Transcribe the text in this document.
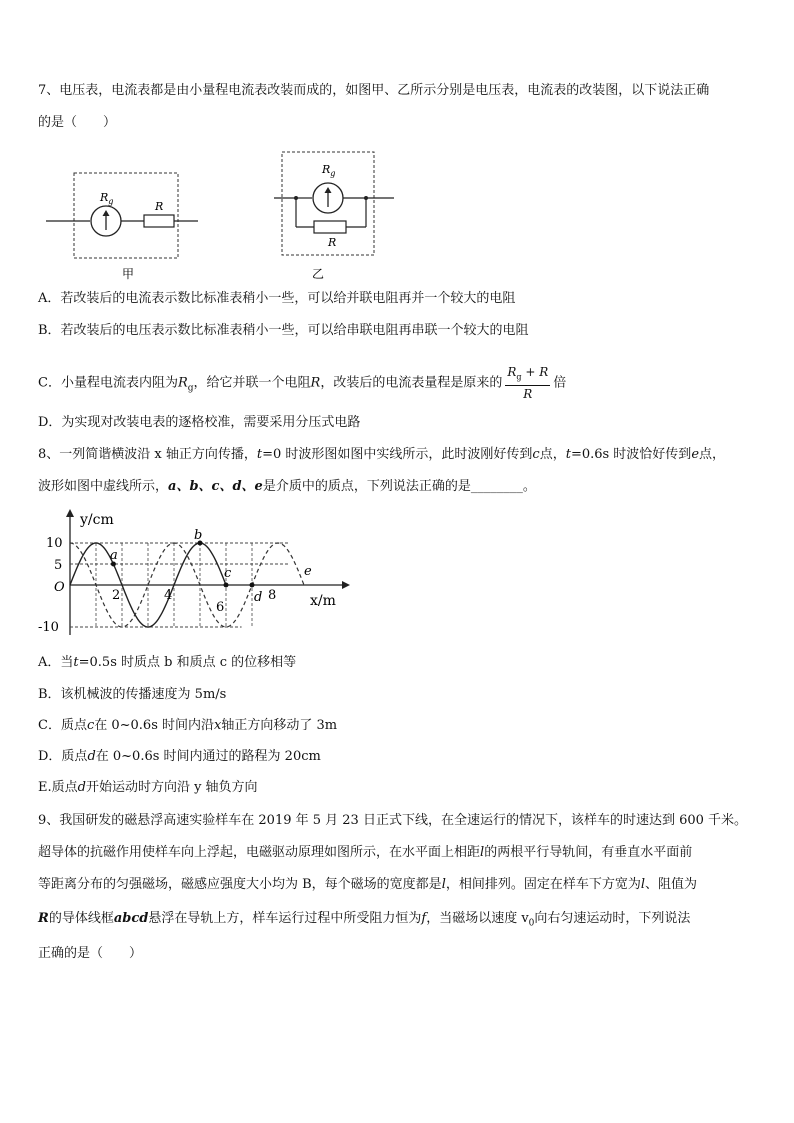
7、电压表，电流表都是由小量程电流表改装而成的，如图甲、乙所示分别是电压表，电流表的改装图，以下说法正确
的是（　　）
$R_g$	R
甲
$R_g$
R
乙
A．若改装后的电流表示数比标准表稍小一些，可以给并联电阻再并一个较大的电阻
B．若改装后的电压表示数比标准表稍小一些，可以给串联电阻再串联一个较大的电阻
C．小量程电流表内阻为$R_g$，给它并联一个电阻R，改装后的电流表量程是原来的 $\frac{R_g + R}{R}$ 倍
D．为实现对改装电表的逐格校准，需要采用分压式电路
8、一列简谐横波沿 x 轴正方向传播，t=0 时波形图如图中实线所示，此时波刚好传到c点，t=0.6s 时波恰好传到e点，
波形如图中虚线所示，a、b、c、d、e是介质中的质点，下列说法正确的是________。
y/cm
x/m
O
10
5
-10
2	4
6
8
a
b
c
d
e
A．当t=0.5s 时质点 b 和质点 c 的位移相等
B．该机械波的传播速度为 5m/s
C．质点c在 0~0.6s 时间内沿x轴正方向移动了 3m
D．质点d在 0~0.6s 时间内通过的路程为 20cm
E.质点d开始运动时方向沿 y 轴负方向
9、我国研发的磁悬浮高速实验样车在 2019 年 5 月 23 日正式下线，在全速运行的情况下，该样车的时速达到 600 千米。
超导体的抗磁作用使样车向上浮起，电磁驱动原理如图所示，在水平面上相距l的两根平行导轨间，有垂直水平面前
等距离分布的匀强磁场，磁感应强度大小均为 B，每个磁场的宽度都是l，相间排列。固定在样车下方宽为l、阻值为
R的导体线框abcd悬浮在导轨上方，样车运行过程中所受阻力恒为f，当磁场以速度 $v_0$向右匀速运动时，下列说法
正确的是（　　）
